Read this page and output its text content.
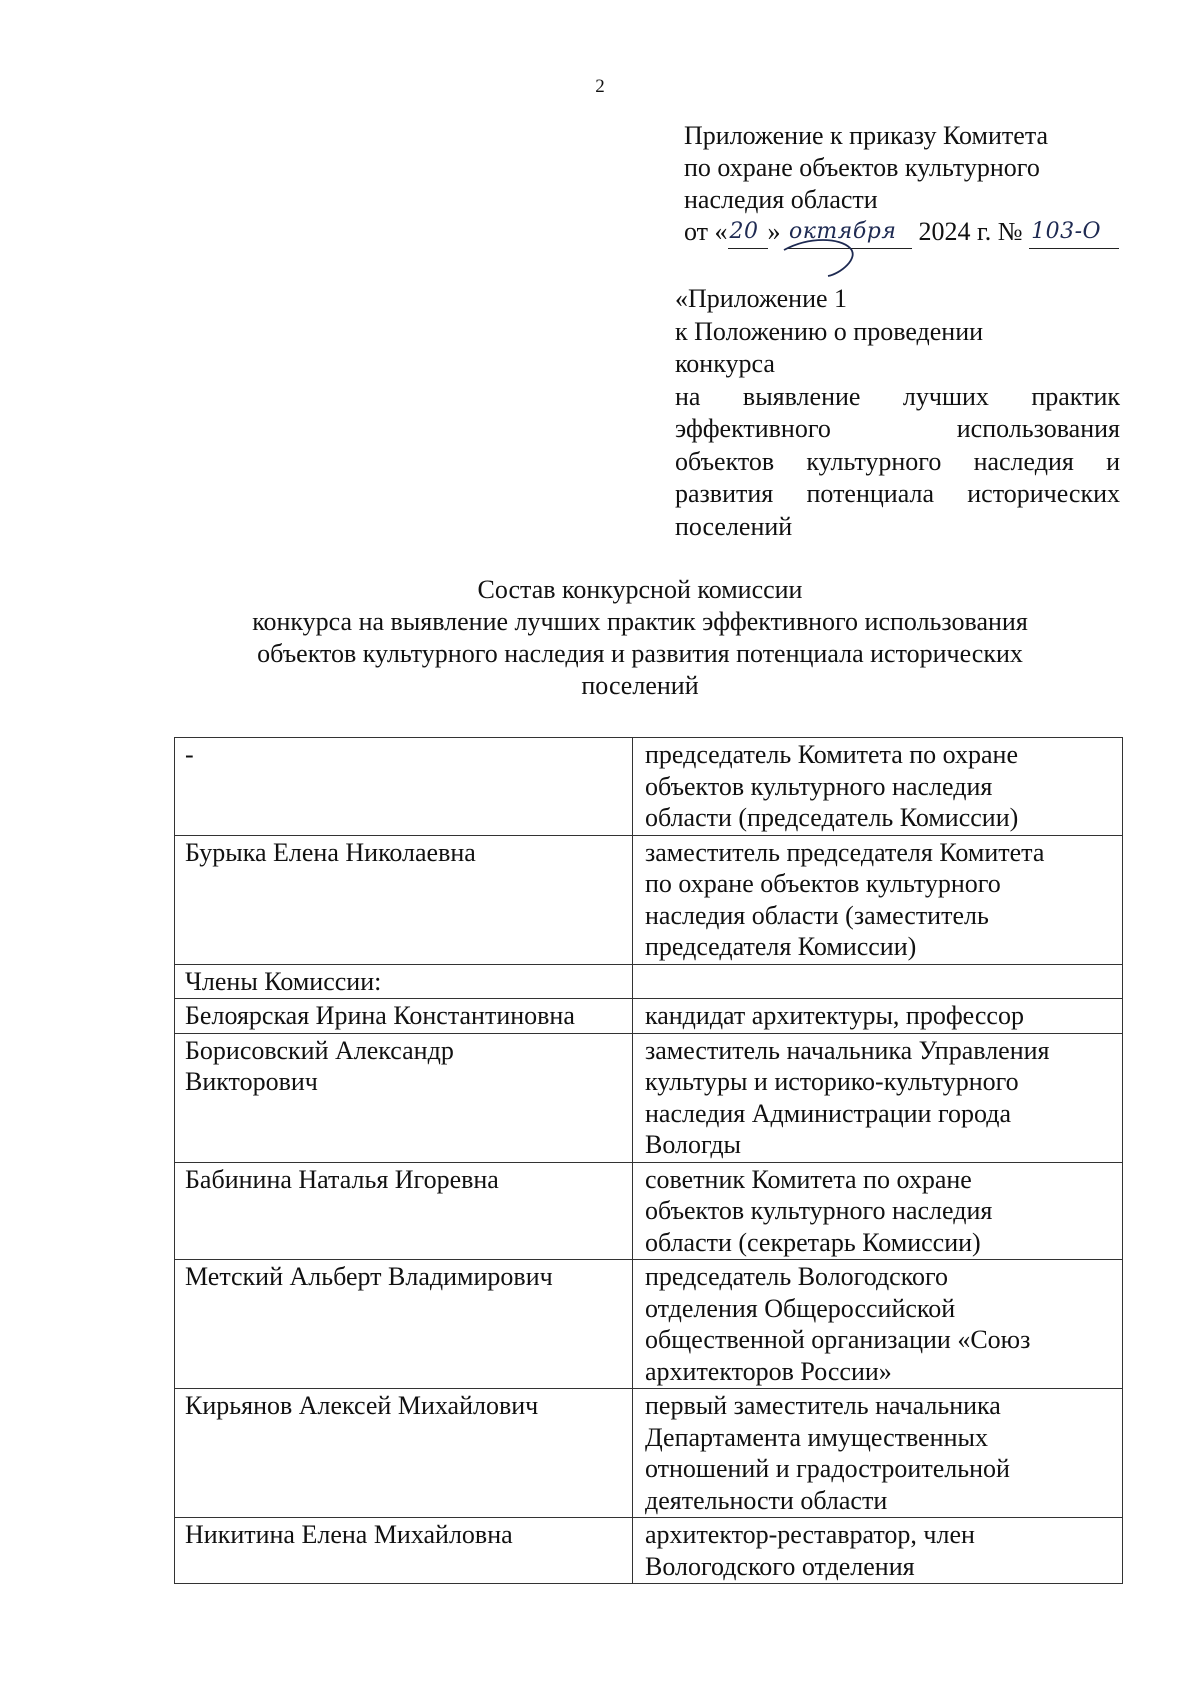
2
Приложение к приказу Комитета
по охране объектов культурного
наследия области
от « 20 » октября 2024 г. № 103-О
«Приложение 1
к Положению о проведении
конкурса
на выявление лучших практик
эффективного использования
объектов культурного наследия и
развития потенциала исторических
поселений
Состав конкурсной комиссии
конкурса на выявление лучших практик эффективного использования
объектов культурного наследия и развития потенциала исторических
поселений
-	председатель Комитета по охране
объектов культурного наследия
области (председатель Комиссии)

Бурыка Елена Николаевна	заместитель председателя Комитета
по охране объектов культурного
наследия области (заместитель
председателя Комиссии)

Члены Комиссии:	

Белоярская Ирина Константиновна	кандидат архитектуры, профессор

Борисовский Александр
Викторович	заместитель начальника Управления
культуры и историко-культурного
наследия Администрации города
Вологды

Бабинина Наталья Игоревна	советник Комитета по охране
объектов культурного наследия
области (секретарь Комиссии)

Метский Альберт Владимирович	председатель Вологодского
отделения Общероссийской
общественной организации «Союз
архитекторов России»

Кирьянов Алексей Михайлович	первый заместитель начальника
Департамента имущественных
отношений и градостроительной
деятельности области

Никитина Елена Михайловна	архитектор-реставратор, член
Вологодского отделения
